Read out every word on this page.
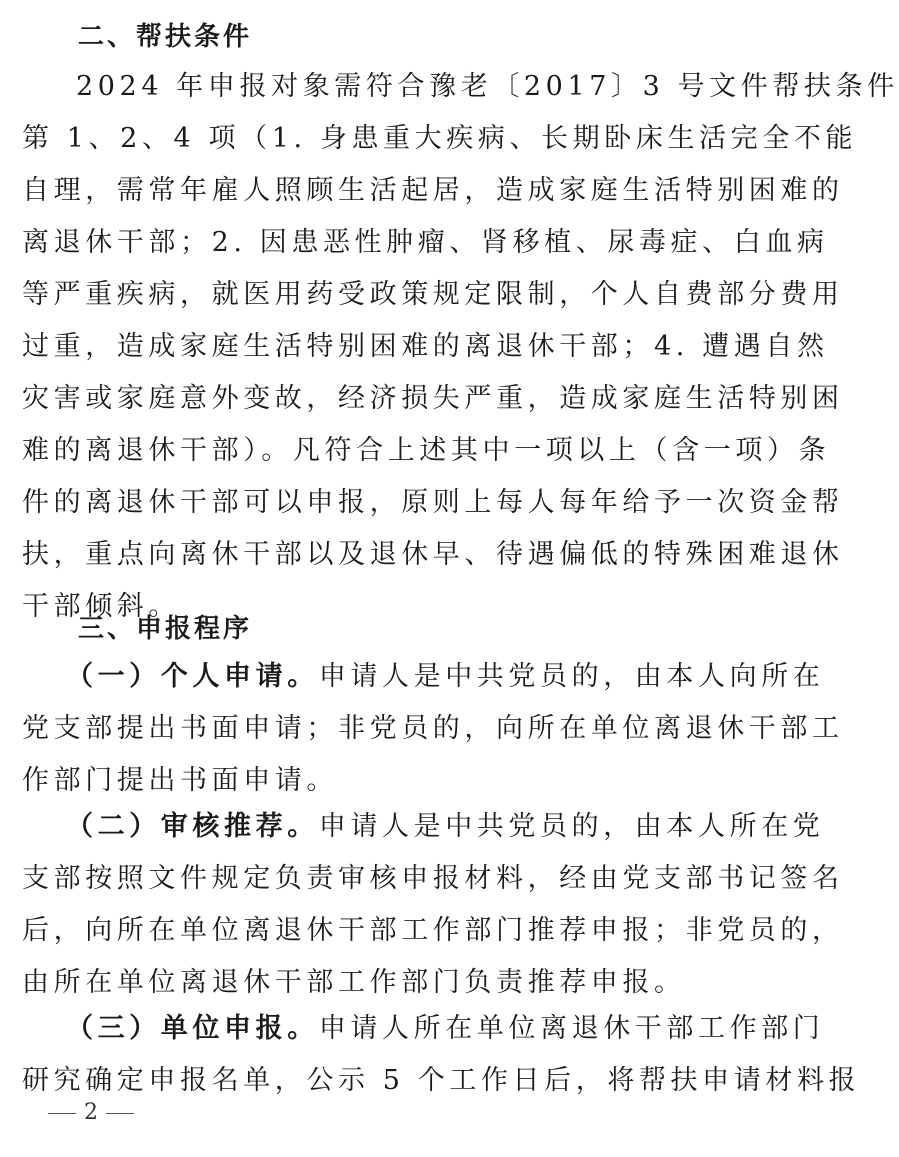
二、帮扶条件
2024 年申报对象需符合豫老〔2017〕3 号文件帮扶条件
第 1、2、4 项（1. 身患重大疾病、长期卧床生活完全不能
自理，需常年雇人照顾生活起居，造成家庭生活特别困难的
离退休干部；2. 因患恶性肿瘤、肾移植、尿毒症、白血病
等严重疾病，就医用药受政策规定限制，个人自费部分费用
过重，造成家庭生活特别困难的离退休干部；4. 遭遇自然
灾害或家庭意外变故，经济损失严重，造成家庭生活特别困
难的离退休干部）。凡符合上述其中一项以上（含一项）条
件的离退休干部可以申报，原则上每人每年给予一次资金帮
扶，重点向离休干部以及退休早、待遇偏低的特殊困难退休
干部倾斜。
三、申报程序
（一）个人申请。申请人是中共党员的，由本人向所在
党支部提出书面申请；非党员的，向所在单位离退休干部工
作部门提出书面申请。
（二）审核推荐。申请人是中共党员的，由本人所在党
支部按照文件规定负责审核申报材料，经由党支部书记签名
后，向所在单位离退休干部工作部门推荐申报；非党员的，
由所在单位离退休干部工作部门负责推荐申报。
（三）单位申报。申请人所在单位离退休干部工作部门
研究确定申报名单，公示 5 个工作日后，将帮扶申请材料报
2
